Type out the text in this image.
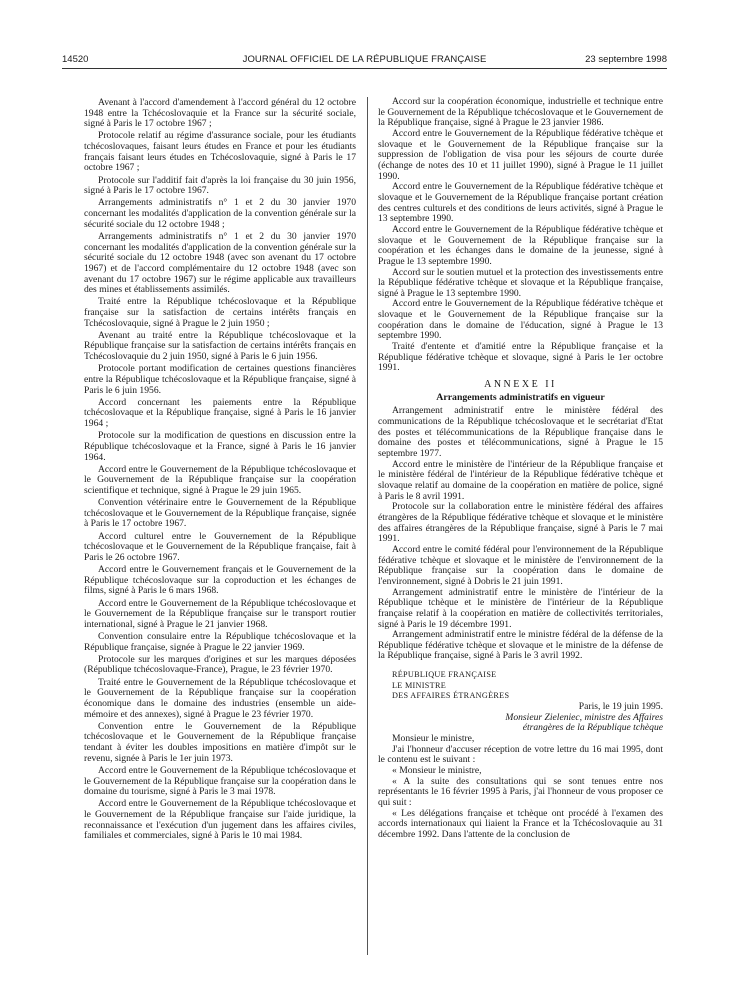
14520	JOURNAL OFFICIEL DE LA RÉPUBLIQUE FRANÇAISE	23 septembre 1998

Avenant à l'accord d'amendement à l'accord général du 12 octobre 1948 entre la Tchécoslovaquie et la France sur la sécurité sociale, signé à Paris le 17 octobre 1967 ;

Protocole relatif au régime d'assurance sociale, pour les étudiants tchécoslovaques, faisant leurs études en France et pour les étudiants français faisant leurs études en Tchécoslovaquie, signé à Paris le 17 octobre 1967 ;

Protocole sur l'additif fait d'après la loi française du 30 juin 1956, signé à Paris le 17 octobre 1967.

Arrangements administratifs n° 1 et 2 du 30 janvier 1970 concernant les modalités d'application de la convention générale sur la sécurité sociale du 12 octobre 1948 ;

Arrangements administratifs n° 1 et 2 du 30 janvier 1970 concernant les modalités d'application de la convention générale sur la sécurité sociale du 12 octobre 1948 (avec son avenant du 17 octobre 1967) et de l'accord complémentaire du 12 octobre 1948 (avec son avenant du 17 octobre 1967) sur le régime applicable aux travailleurs des mines et établissements assimilés.

Traité entre la République tchécoslovaque et la République française sur la satisfaction de certains intérêts français en Tchécoslovaquie, signé à Prague le 2 juin 1950 ;

Avenant au traité entre la République tchécoslovaque et la République française sur la satisfaction de certains intérêts français en Tchécoslovaquie du 2 juin 1950, signé à Paris le 6 juin 1956.

Protocole portant modification de certaines questions financières entre la République tchécoslovaque et la République française, signé à Paris le 6 juin 1956.

Accord concernant les paiements entre la République tchécoslovaque et la République française, signé à Paris le 16 janvier 1964 ;

Protocole sur la modification de questions en discussion entre la République tchécoslovaque et la France, signé à Paris le 16 janvier 1964.

Accord entre le Gouvernement de la République tchécoslovaque et le Gouvernement de la République française sur la coopération scientifique et technique, signé à Prague le 29 juin 1965.

Convention vétérinaire entre le Gouvernement de la République tchécoslovaque et le Gouvernement de la République française, signée à Paris le 17 octobre 1967.

Accord culturel entre le Gouvernement de la République tchécoslovaque et le Gouvernement de la République française, fait à Paris le 26 octobre 1967.

Accord entre le Gouvernement français et le Gouvernement de la République tchécoslovaque sur la coproduction et les échanges de films, signé à Paris le 6 mars 1968.

Accord entre le Gouvernement de la République tchécoslovaque et le Gouvernement de la République française sur le transport routier international, signé à Prague le 21 janvier 1968.

Convention consulaire entre la République tchécoslovaque et la République française, signée à Prague le 22 janvier 1969.

Protocole sur les marques d'origines et sur les marques déposées (République tchécoslovaque-France), Prague, le 23 février 1970.

Traité entre le Gouvernement de la République tchécoslovaque et le Gouvernement de la République française sur la coopération économique dans le domaine des industries (ensemble un aide-mémoire et des annexes), signé à Prague le 23 février 1970.

Convention entre le Gouvernement de la République tchécoslovaque et le Gouvernement de la République française tendant à éviter les doubles impositions en matière d'impôt sur le revenu, signée à Paris le 1er juin 1973.

Accord entre le Gouvernement de la République tchécoslovaque et le Gouvernement de la République française sur la coopération dans le domaine du tourisme, signé à Paris le 3 mai 1978.

Accord entre le Gouvernement de la République tchécoslovaque et le Gouvernement de la République française sur l'aide juridique, la reconnaissance et l'exécution d'un jugement dans les affaires civiles, familiales et commerciales, signé à Paris le 10 mai 1984.

Accord sur la coopération économique, industrielle et technique entre le Gouvernement de la République tchécoslovaque et le Gouvernement de la République française, signé à Prague le 23 janvier 1986.

Accord entre le Gouvernement de la République fédérative tchèque et slovaque et le Gouvernement de la République française sur la suppression de l'obligation de visa pour les séjours de courte durée (échange de notes des 10 et 11 juillet 1990), signé à Prague le 11 juillet 1990.

Accord entre le Gouvernement de la République fédérative tchèque et slovaque et le Gouvernement de la République française portant création des centres culturels et des conditions de leurs activités, signé à Prague le 13 septembre 1990.

Accord entre le Gouvernement de la République fédérative tchèque et slovaque et le Gouvernement de la République française sur la coopération et les échanges dans le domaine de la jeunesse, signé à Prague le 13 septembre 1990.

Accord sur le soutien mutuel et la protection des investissements entre la République fédérative tchèque et slovaque et la République française, signé à Prague le 13 septembre 1990.

Accord entre le Gouvernement de la République fédérative tchèque et slovaque et le Gouvernement de la République française sur la coopération dans le domaine de l'éducation, signé à Prague le 13 septembre 1990.

Traité d'entente et d'amitié entre la République française et la République fédérative tchèque et slovaque, signé à Paris le 1er octobre 1991.

ANNEXE II
Arrangements administratifs en vigueur

Arrangement administratif entre le ministère fédéral des communications de la République tchécoslovaque et le secrétariat d'Etat des postes et télécommunications de la République française dans le domaine des postes et télécommunications, signé à Prague le 15 septembre 1977.

Accord entre le ministère de l'intérieur de la République française et le ministère fédéral de l'intérieur de la République fédérative tchèque et slovaque relatif au domaine de la coopération en matière de police, signé à Paris le 8 avril 1991.

Protocole sur la collaboration entre le ministère fédéral des affaires étrangères de la République fédérative tchèque et slovaque et le ministère des affaires étrangères de la République française, signé à Paris le 7 mai 1991.

Accord entre le comité fédéral pour l'environnement de la République fédérative tchèque et slovaque et le ministère de l'environnement de la République française sur la coopération dans le domaine de l'environnement, signé à Dobris le 21 juin 1991.

Arrangement administratif entre le ministère de l'intérieur de la République tchèque et le ministère de l'intérieur de la République française relatif à la coopération en matière de collectivités territoriales, signé à Paris le 19 décembre 1991.

Arrangement administratif entre le ministre fédéral de la défense de la République fédérative tchèque et slovaque et le ministre de la défense de la République française, signé à Paris le 3 avril 1992.

RÉPUBLIQUE FRANÇAISE

LE MINISTRE

DES AFFAIRES ÉTRANGÈRES

Paris, le 19 juin 1995.

Monsieur Zieleniec, ministre des Affaires
étrangères de la République tchèque

Monsieur le ministre,

J'ai l'honneur d'accuser réception de votre lettre du 16 mai 1995, dont le contenu est le suivant :

« Monsieur le ministre,

« A la suite des consultations qui se sont tenues entre nos représentants le 16 février 1995 à Paris, j'ai l'honneur de vous proposer ce qui suit :

« Les délégations française et tchèque ont procédé à l'examen des accords internationaux qui liaient la France et la Tchécoslovaquie au 31 décembre 1992. Dans l'attente de la conclusion de
